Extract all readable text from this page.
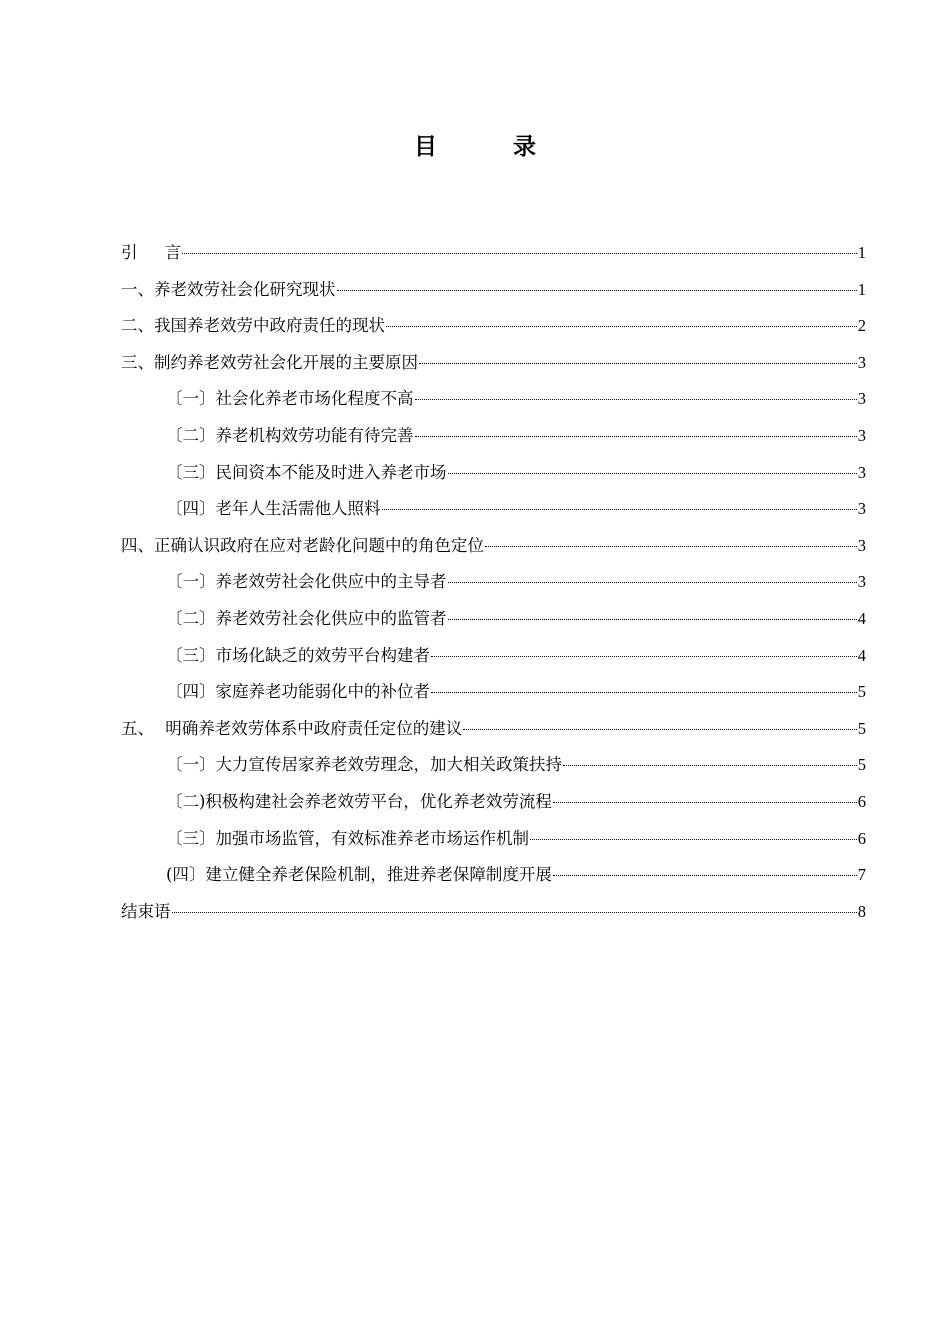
目 录
引 言	1
一、养老效劳社会化研究现状	1
二、我国养老效劳中政府责任的现状	2
三、制约养老效劳社会化开展的主要原因	3
〔一〕社会化养老市场化程度不高	3
〔二〕养老机构效劳功能有待完善	3
〔三〕民间资本不能及时进入养老市场	3
〔四〕老年人生活需他人照料	3
四、正确认识政府在应对老龄化问题中的角色定位	3
〔一〕养老效劳社会化供应中的主导者	3
〔二〕养老效劳社会化供应中的监管者	4
〔三〕市场化缺乏的效劳平台构建者	4
〔四〕家庭养老功能弱化中的补位者	5
五、 明确养老效劳体系中政府责任定位的建议	5
〔一〕大力宣传居家养老效劳理念，加大相关政策扶持	5
〔二)积极构建社会养老效劳平台，优化养老效劳流程	6
〔三〕加强市场监管，有效标准养老市场运作机制	6
(四〕建立健全养老保险机制，推进养老保障制度开展	7
结束语	8
